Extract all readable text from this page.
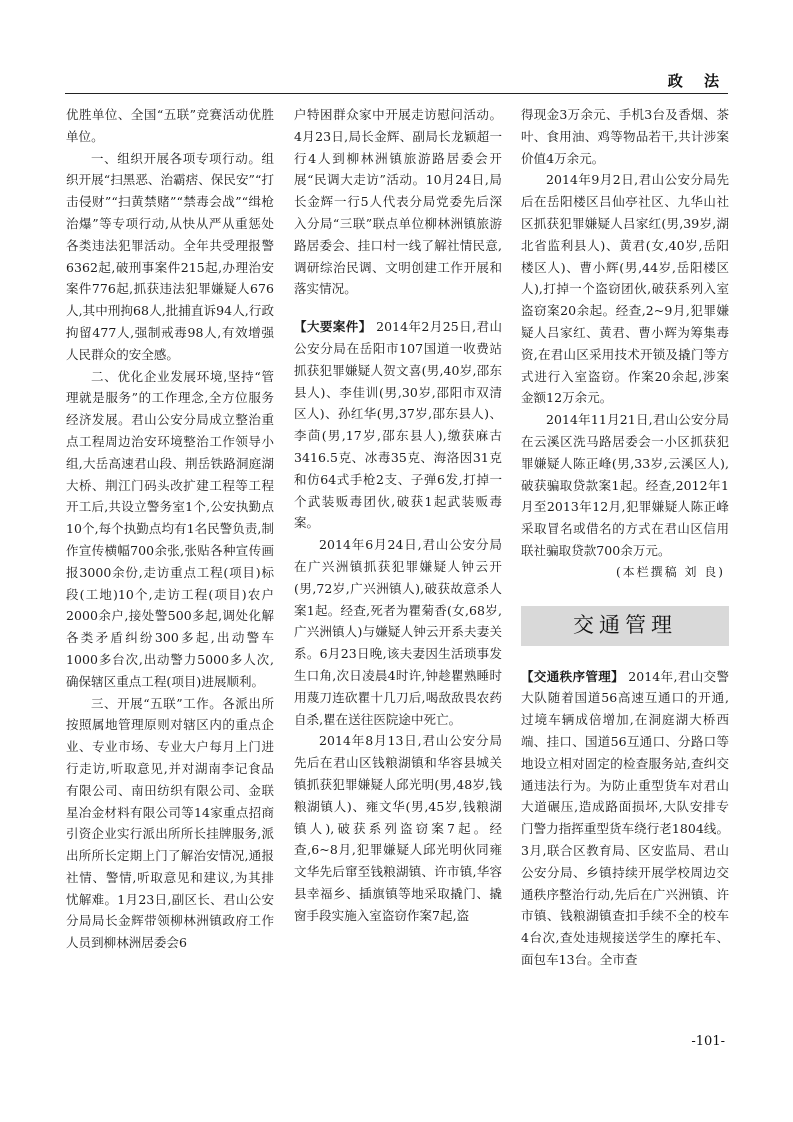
政 法

优胜单位、全国“五联”竞赛活动优胜单位。

一、组织开展各项专项行动。组织开展“扫黑恶、治霸痞、保民安”“打击侵财”“扫黄禁赌”“禁毒会战”“缉枪治爆”等专项行动,从快从严从重惩处各类违法犯罪活动。全年共受理报警6362起,破刑事案件215起,办理治安案件776起,抓获违法犯罪嫌疑人676人,其中刑拘68人,批捕直诉94人,行政拘留477人,强制戒毒98人,有效增强人民群众的安全感。

二、优化企业发展环境,坚持“管理就是服务”的工作理念,全方位服务经济发展。君山公安分局成立整治重点工程周边治安环境整治工作领导小组,大岳高速君山段、荆岳铁路洞庭湖大桥、荆江门码头改扩建工程等工程开工后,共设立警务室1个,公安执勤点10个,每个执勤点均有1名民警负责,制作宣传横幅700余张,张贴各种宣传画报3000余份,走访重点工程(项目)标段(工地)10个,走访工程(项目)农户2000余户,接处警500多起,调处化解各类矛盾纠纷300多起,出动警车1000多台次,出动警力5000多人次,确保辖区重点工程(项目)进展顺利。

三、开展“五联”工作。各派出所按照属地管理原则对辖区内的重点企业、专业市场、专业大户每月上门进行走访,听取意见,并对湖南李记食品有限公司、南田纺织有限公司、金联星冶金材料有限公司等14家重点招商引资企业实行派出所所长挂牌服务,派出所所长定期上门了解治安情况,通报社情、警情,听取意见和建议,为其排忧解难。1月23日,副区长、君山公安分局局长金辉带领柳林洲镇政府工作人员到柳林洲居委会6

户特困群众家中开展走访慰问活动。4月23日,局长金辉、副局长龙颖超一行4人到柳林洲镇旅游路居委会开展“民调大走访”活动。10月24日,局长金辉一行5人代表分局党委先后深入分局“三联”联点单位柳林洲镇旅游路居委会、挂口村一线了解社情民意,调研综治民调、文明创建工作开展和落实情况。

【大要案件】 2014年2月25日,君山公安分局在岳阳市107国道一收费站抓获犯罪嫌疑人贺文喜(男,40岁,邵东县人)、李佳训(男,30岁,邵阳市双清区人)、孙红华(男,37岁,邵东县人)、李茴(男,17岁,邵东县人),缴获麻古3416.5克、冰毒35克、海洛因31克和仿64式手枪2支、子弹6发,打掉一个武装贩毒团伙,破获1起武装贩毒案。

2014年6月24日,君山公安分局在广兴洲镇抓获犯罪嫌疑人钟云开(男,72岁,广兴洲镇人),破获故意杀人案1起。经查,死者为瞿菊香(女,68岁,广兴洲镇人)与嫌疑人钟云开系夫妻关系。6月23日晚,该夫妻因生活琐事发生口角,次日凌晨4时许,钟趁瞿熟睡时用蔑刀连砍瞿十几刀后,喝敌敌畏农药自杀,瞿在送往医院途中死亡。

2014年8月13日,君山公安分局先后在君山区钱粮湖镇和华容县城关镇抓获犯罪嫌疑人邱光明(男,48岁,钱粮湖镇人)、雍文华(男,45岁,钱粮湖镇人),破获系列盗窃案7起。经查,6~8月,犯罪嫌疑人邱光明伙同雍文华先后窜至钱粮湖镇、许市镇,华容县幸福乡、插旗镇等地采取撬门、撬窗手段实施入室盗窃作案7起,盗

得现金3万余元、手机3台及香烟、茶叶、食用油、鸡等物品若干,共计涉案价值4万余元。

2014年9月2日,君山公安分局先后在岳阳楼区吕仙亭社区、九华山社区抓获犯罪嫌疑人吕家红(男,39岁,湖北省监利县人)、黄君(女,40岁,岳阳楼区人)、曹小辉(男,44岁,岳阳楼区人),打掉一个盗窃团伙,破获系列入室盗窃案20余起。经查,2~9月,犯罪嫌疑人吕家红、黄君、曹小辉为筹集毒资,在君山区采用技术开锁及撬门等方式进行入室盗窃。作案20余起,涉案金额12万余元。

2014年11月21日,君山公安分局在云溪区洗马路居委会一小区抓获犯罪嫌疑人陈正峰(男,33岁,云溪区人),破获骗取贷款案1起。经查,2012年1月至2013年12月,犯罪嫌疑人陈正峰采取冒名或借名的方式在君山区信用联社骗取贷款700余万元。

(本栏撰稿 刘 良)

交通管理

【交通秩序管理】 2014年,君山交警大队随着国道56高速互通口的开通,过境车辆成倍增加,在洞庭湖大桥西端、挂口、国道56互通口、分路口等地设立相对固定的检查服务站,查纠交通违法行为。为防止重型货车对君山大道碾压,造成路面损坏,大队安排专门警力指挥重型货车绕行老1804线。3月,联合区教育局、区安监局、君山公安分局、乡镇持续开展学校周边交通秩序整治行动,先后在广兴洲镇、许市镇、钱粮湖镇查扣手续不全的校车4台次,查处违规接送学生的摩托车、面包车13台。全市查

-101-
